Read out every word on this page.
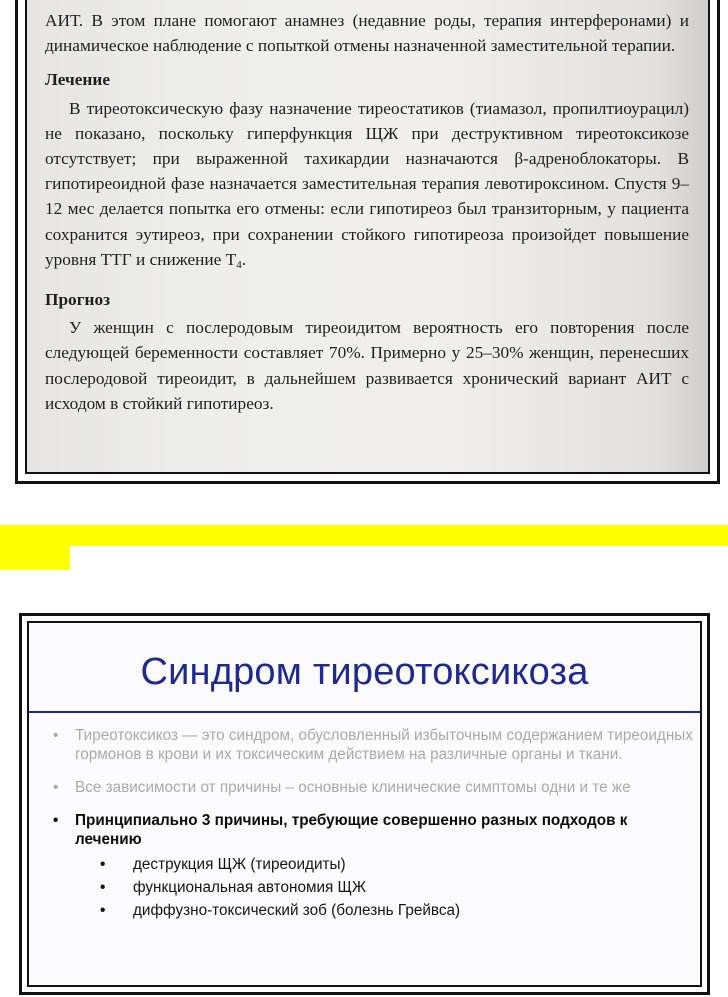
АИТ. В этом плане помогают анамнез (недавние роды, терапия интерферонами) и динамическое наблюдение с попыткой отмены назначенной заместительной терапии.

Лечение

В тиреотоксическую фазу назначение тиреостатиков (тиамазол, пропилтиоурацил) не показано, поскольку гиперфункция ЩЖ при деструктивном тиреотоксикозе отсутствует; при выраженной тахикардии назначаются β-адреноблокаторы. В гипотиреоидной фазе назначается заместительная терапия левотироксином. Спустя 9–12 мес делается попытка его отмены: если гипотиреоз был транзиторным, у пациента сохранится эутиреоз, при сохранении стойкого гипотиреоза произойдет повышение уровня ТТГ и снижение $Т_4$.

Прогноз

У женщин с послеродовым тиреоидитом вероятность его повторения после следующей беременности составляет 70%. Примерно у 25–30% женщин, перенесших послеродовой тиреоидит, в дальнейшем развивается хронический вариант АИТ с исходом в стойкий гипотиреоз.

Синдром тиреотоксикоза
• Тиреотоксикоз — это синдром, обусловленный избыточным содержанием тиреоидных гормонов в крови и их токсическим действием на различные органы и ткани.
• Все зависимости от причины – основные клинические симптомы одни и те же
• Принципиально 3 причины, требующие совершенно разных подходов к лечению
• деструкция ЩЖ (тиреоидиты)
• функциональная автономия ЩЖ
• диффузно-токсический зоб (болезнь Грейвса)
